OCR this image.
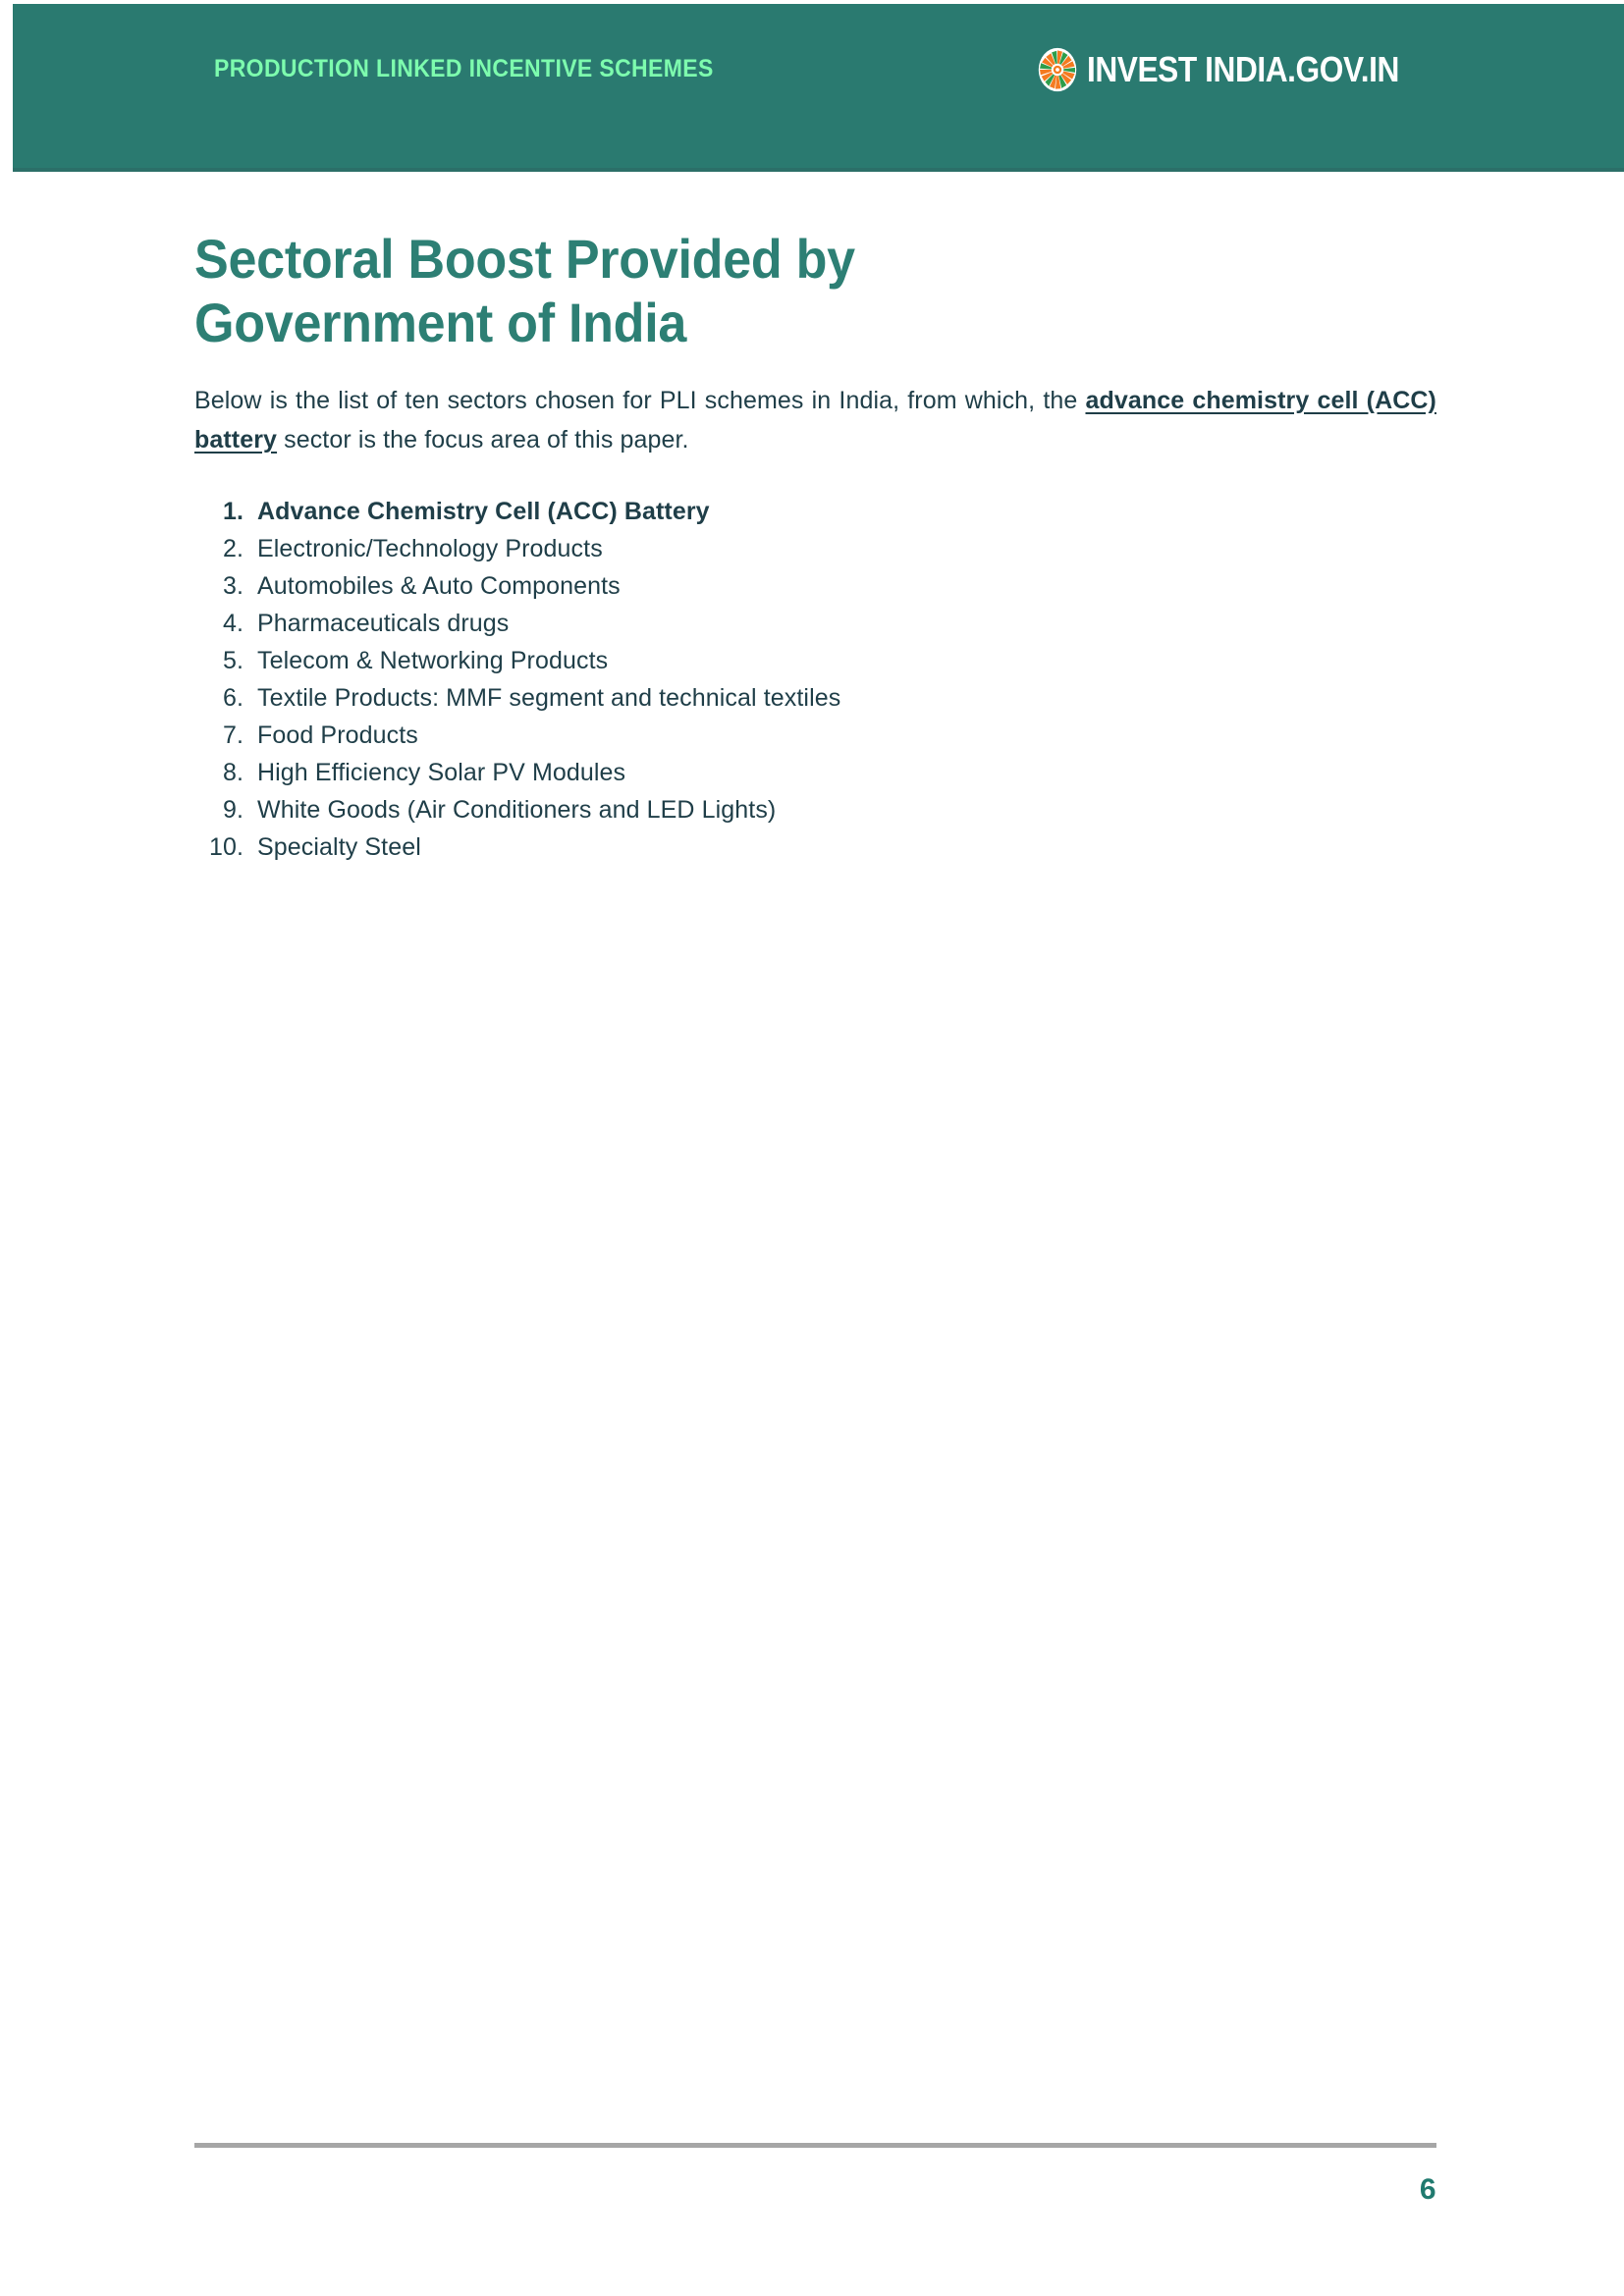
PRODUCTION LINKED INCENTIVE SCHEMES	INVEST INDIA.GOV.IN
Sectoral Boost Provided by
Government of India

Below is the list of ten sectors chosen for PLI schemes in India, from which, the advance chemistry cell (ACC) battery sector is the focus area of this paper.

1. Advance Chemistry Cell (ACC) Battery
2. Electronic/Technology Products
3. Automobiles & Auto Components
4. Pharmaceuticals drugs
5. Telecom & Networking Products
6. Textile Products: MMF segment and technical textiles
7. Food Products
8. High Efficiency Solar PV Modules
9. White Goods (Air Conditioners and LED Lights)
10. Specialty Steel
6
